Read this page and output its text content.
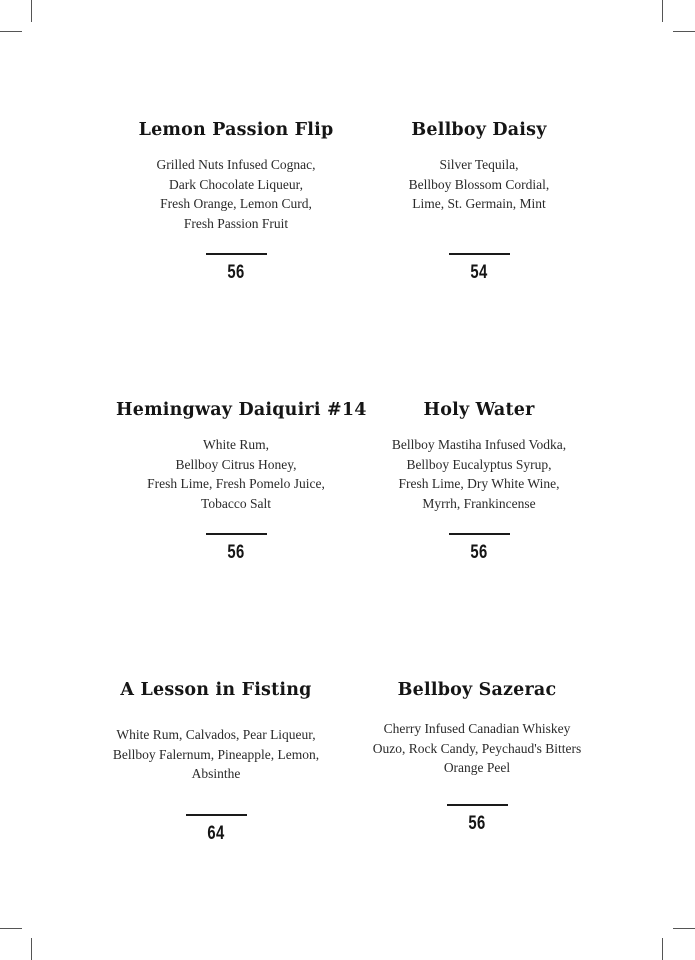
Lemon Passion Flip
Grilled Nuts Infused Cognac,
Dark Chocolate Liqueur,
Fresh Orange, Lemon Curd,
Fresh Passion Fruit
56
Bellboy Daisy
Silver Tequila,
Bellboy Blossom Cordial,
Lime, St. Germain, Mint
54
Hemingway Daiquiri #14
White Rum,
Bellboy Citrus Honey,
Fresh Lime, Fresh Pomelo Juice,
Tobacco Salt
56
Holy Water
Bellboy Mastiha Infused Vodka,
Bellboy Eucalyptus Syrup,
Fresh Lime, Dry White Wine,
Myrrh, Frankincense
56
A Lesson in Fisting
White Rum, Calvados, Pear Liqueur,
Bellboy Falernum, Pineapple, Lemon,
Absinthe
64
Bellboy Sazerac
Cherry Infused Canadian Whiskey
Ouzo, Rock Candy, Peychaud's Bitters
Orange Peel
56
